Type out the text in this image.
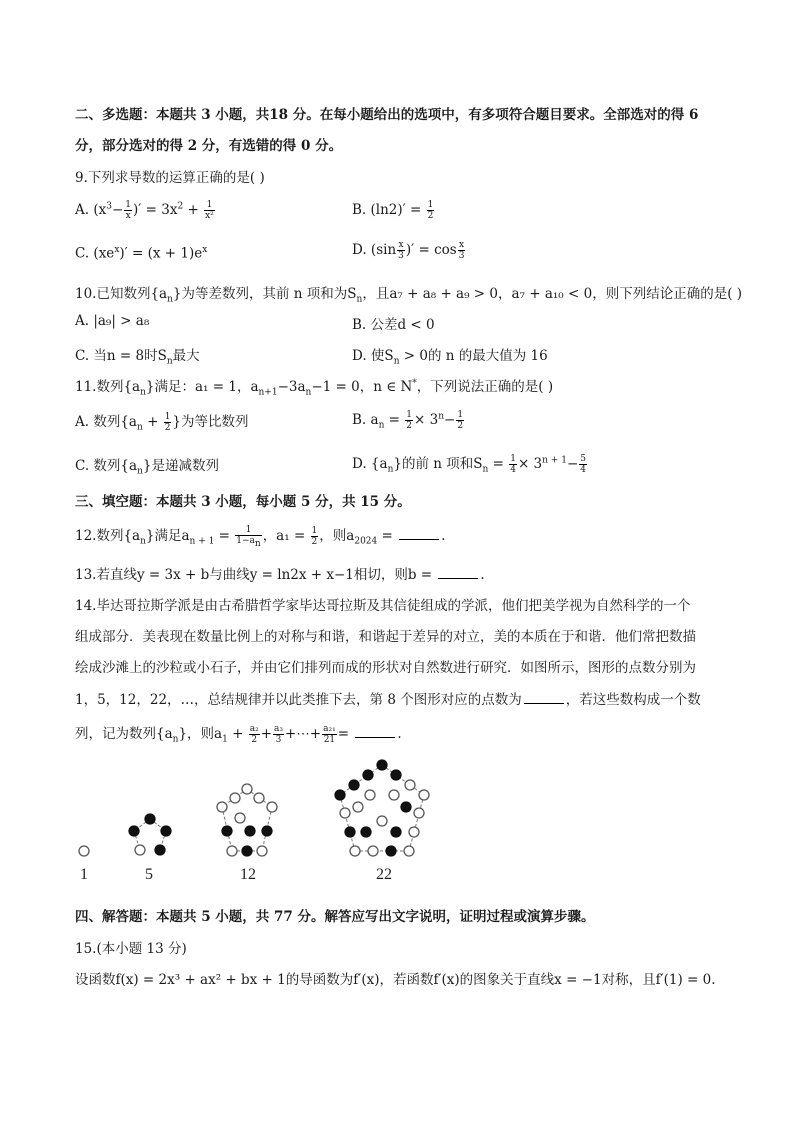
二、多选题：本题共 3 小题，共18 分。在每小题给出的选项中，有多项符合题目要求。全部选对的得 6
分，部分选对的得 2 分，有选错的得 0 分。
9.下列求导数的运算正确的是( )
A. ($x^3- \frac{1}{x}$ )′ = $3x^2 + \frac{1}{\text{x²}}$	B. $(\ln 2)' = \frac{1}{2}$
C. $(xe^x)' = (x + 1)e^x$	D. ($\sin \frac{x}{3}$ )′ = $\cos \frac{x}{3}$
10.已知数列$\{a_n\}$为等差数列，其前 n 项和为$S_n$，且a₇ + a₈ + a₉ > 0，a₇ + a₁₀ < 0，则下列结论正确的是( )
A. |a₉| > a₈	B. 公差d < 0
C. 当n = 8时$S_n$最大	D. 使$S_n > 0$的 n 的最大值为 16
11.数列$\{a_n\}$满足：a₁ = 1，$a_{n+1}-3a_n-1 = 0$，n ∈ N*，下列说法正确的是( )
A. 数列{$a_n + \frac{1}{2}$ }为等比数列	B. $a_n = \frac{1}{2} \times 3^n- \frac{1}{2}$
C. 数列$\{a_n\}$是递减数列	D. $\{a_n\}$的前 n 项和$S_n = \frac{1}{4} \times 3^{n + 1}- \frac{5}{4}$
三、填空题：本题共 3 小题，每小题 5 分，共 15 分。
12.数列$\{a_n\}$满足$a_{n + 1} = \frac{1}{1-a_n}$ ，$a_1 = \frac{1}{2}$ ，则$a_{2024}$ =	.
13.若直线y = 3x + b与曲线y = ln2x + x−1相切，则b =	.
14.毕达哥拉斯学派是由古希腊哲学家毕达哥拉斯及其信徒组成的学派，他们把美学视为自然科学的一个
组成部分．美表现在数量比例上的对称与和谐，和谐起于差异的对立，美的本质在于和谐．他们常把数描
绘成沙滩上的沙粒或小石子，并由它们排列而成的形状对自然数进行研究．如图所示，图形的点数分别为
1，5，12，22，…，总结规律并以此类推下去，第 8 个图形对应的点数为	，若这些数构成一个数
列，记为数列$\{a_n\}$，则$a_1 + \frac{\text{a₂}}{2} + \frac{\text{a₃}}{3}$ +⋯+ $\frac{\text{a₂₁}}{21}$ =	.
1	5	12	22
四、解答题：本题共 5 小题，共 77 分。解答应写出文字说明，证明过程或演算步骤。
15.(本小题 13 分)
设函数f(x) = 2x³ + ax² + bx + 1的导函数为f′(x)，若函数f′(x)的图象关于直线x = −1对称，且f′(1) = 0.
